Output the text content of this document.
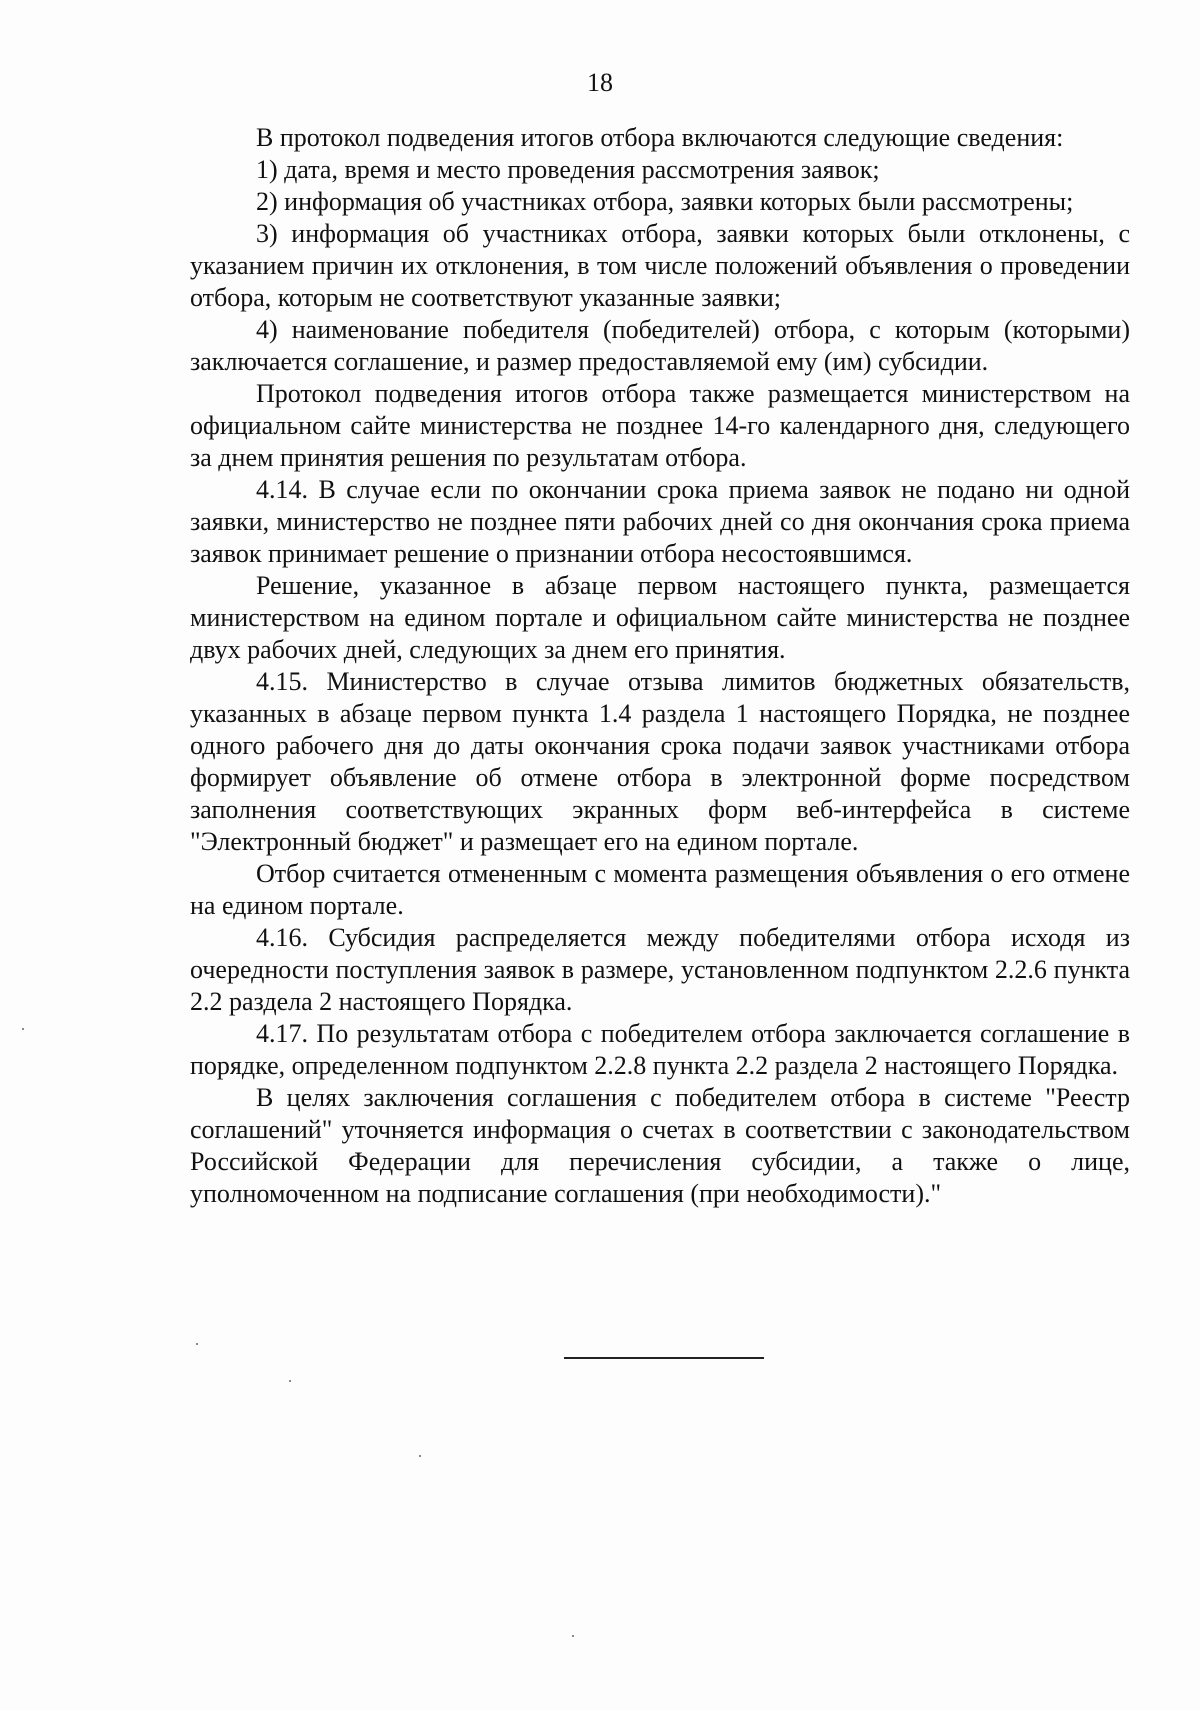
18

В протокол подведения итогов отбора включаются следующие сведения:

1) дата, время и место проведения рассмотрения заявок;

2) информация об участниках отбора, заявки которых были рассмотрены;

3) информация об участниках отбора, заявки которых были отклонены, с указанием причин их отклонения, в том числе положений объявления о проведении отбора, которым не соответствуют указанные заявки;

4) наименование победителя (победителей) отбора, с которым (которыми) заключается соглашение, и размер предоставляемой ему (им) субсидии.

Протокол подведения итогов отбора также размещается министерством на официальном сайте министерства не позднее 14-го календарного дня, следующего за днем принятия решения по результатам отбора.

4.14. В случае если по окончании срока приема заявок не подано ни одной заявки, министерство не позднее пяти рабочих дней со дня окончания срока приема заявок принимает решение о признании отбора несостоявшимся.

Решение, указанное в абзаце первом настоящего пункта, размещается министерством на едином портале и официальном сайте министерства не позднее двух рабочих дней, следующих за днем его принятия.

4.15. Министерство в случае отзыва лимитов бюджетных обязательств, указанных в абзаце первом пункта 1.4 раздела 1 настоящего Порядка, не позднее одного рабочего дня до даты окончания срока подачи заявок участниками отбора формирует объявление об отмене отбора в электронной форме посредством заполнения соответствующих экранных форм веб-интерфейса в системе "Электронный бюджет" и размещает его на едином портале.

Отбор считается отмененным с момента размещения объявления о его отмене на едином портале.

4.16. Субсидия распределяется между победителями отбора исходя из очередности поступления заявок в размере, установленном подпунктом 2.2.6 пункта 2.2 раздела 2 настоящего Порядка.

4.17. По результатам отбора с победителем отбора заключается соглашение в порядке, определенном подпунктом 2.2.8 пункта 2.2 раздела 2 настоящего Порядка.

В целях заключения соглашения с победителем отбора в системе "Реестр соглашений" уточняется информация о счетах в соответствии с законодательством Российской Федерации для перечисления субсидии, а также о лице, уполномоченном на подписание соглашения (при необходимости)."
